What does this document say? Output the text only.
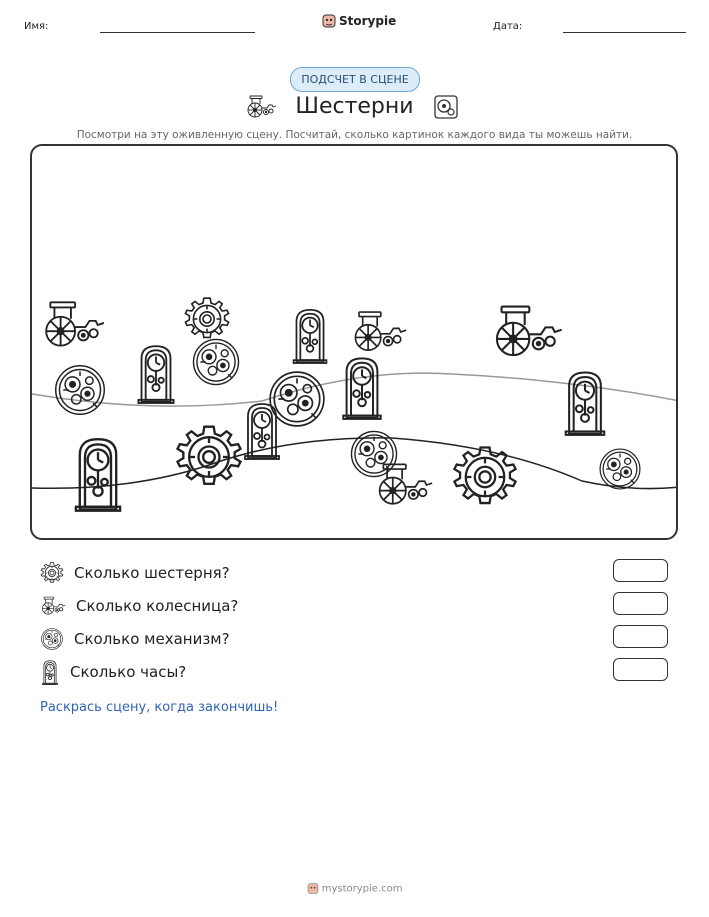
Имя:	Storypie	Дата:
ПОДСЧЕТ В СЦЕНЕ
Шестерни
Посмотри на эту оживленную сцену. Посчитай, сколько картинок каждого вида ты можешь найти.
Сколько шестерня?
Сколько колесница?
Сколько механизм?
Сколько часы?
Раскрась сцену, когда закончишь!
mystorypie.com
